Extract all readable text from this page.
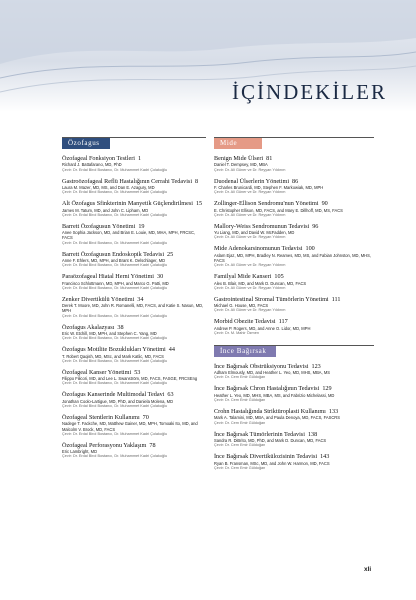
İÇİNDEKİLER
Özofagus
Özofageal Fonksiyon Testleri 1
Richard J. Battafarano, MD, PhD
Çevir: Dr. Erdal Birol Bostancı, Dr. Muhammet Kadri Çolakoğlu
Gastroözofageal Reflü Hastalığının Cerrahi Tedavisi 8
Laura M. Mazer, MD, MS, and Dan E. Azagury, MD
Çevir: Dr. Erdal Birol Bostancı, Dr. Muhammet Kadri Çolakoğlu
Alt Özofagus Sfinkterinin Manyetik Güçlendirilmesi 15
James M. Tatum, MD, and John C. Lipham, MD
Çevir: Dr. Erdal Birol Bostancı, Dr. Muhammet Kadri Çolakoğlu
Barrett Özofagusun Yönetimi 19
Anee Sophia Jackson, MD, and Brian E. Louie, MD, MHA, MPH, FRCSC, FACS
Çevir: Dr. Erdal Birol Bostancı, Dr. Muhammet Kadri Çolakoğlu
Barrett Özofagusun Endoskopik Tedavisi 25
Anne F. Ehlers, MD, MPH, and Brant K. Oelschlager, MD
Çevir: Dr. Erdal Birol Bostancı, Dr. Muhammet Kadri Çolakoğlu
Paraözofageal Hiatal Herni Yönetimi 30
Francisco Schlottmann, MD, MPH, and Marco G. Patti, MD
Çevir: Dr. Erdal Birol Bostancı, Dr. Muhammet Kadri Çolakoğlu
Zenker Divertikülü Yönetimi 34
Derek T. Moore, MD, John R. Romanelli, MD, FACS, and Katie S. Nasun, MD, MPH
Çevir: Dr. Erdal Birol Bostancı, Dr. Muhammet Kadri Çolakoğlu
Özofagus Akalazyası 38
Eric W. Etchill, MD, MPH, and Stephen C. Yang, MD
Çevir: Dr. Erdal Birol Bostancı, Dr. Muhammet Kadri Çolakoğlu
Özofagus Motilite Bozuklukları Yönetimi 44
T. Robert Qaqish, MD, MSc, and Mark Katlic, MD, FACS
Çevir: Dr. Erdal Birol Bostancı, Dr. Muhammet Kadri Çolakoğlu
Özofageal Kanser Yönetimi 53
Filippo Filicori, MD, and Lee L. Swanström, MD, FACS, FASGE, FRCSEng
Çevir: Dr. Erdal Birol Bostancı, Dr. Muhammet Kadri Çolakoğlu
Özofagus Kanserinde Multimodal Tedavi 63
Jonathan Coolo-Lartigue, MD, PhD, and Daniela Molena, MD
Çevir: Dr. Erdal Birol Bostancı, Dr. Muhammet Kadri Çolakoğlu
Özofageal Stentlerin Kullanımı 70
Nadege T. Fackche, MD, Matthew Gainer, MD, MPH, Tomoaki Ito, MD, and Malcolm V. Brock, MD, FACS
Çevir: Dr. Erdal Birol Bostancı, Dr. Muhammet Kadri Çolakoğlu
Özofageal Perforasyonu Yaklaşım 78
Eric Lambright, MD
Çevir: Dr. Erdal Birol Bostancı, Dr. Muhammet Kadri Çolakoğlu
Mide
Benign Mide Ülseri 81
Daniel T. Dempsey, MD, MBA
Çevir: Dr. Ali Güner ve Dr. Reyyan Yıldırım
Duodenal Ülserlerin Yönetimi 86
F. Charles Brunicardi, MD, Stephen F. Markowiak, MD, MPH
Çevir: Dr. Ali Güner ve Dr. Reyyan Yıldırım
Zollinger-Ellison Sendromu'nun Yönetimi 90
E. Christopher Ellison, MD, FACS, and Mary E. Dillhoff, MD, MS, FACS
Çevir: Dr. Ali Güner ve Dr. Reyyan Yıldırım
Mallory-Weiss Sendromunun Tedavisi 96
Yu Liang, MD, and David W. McFadden, MD
Çevir: Dr. Ali Güner ve Dr. Reyyan Yıldırım
Mide Adenokarsinomunun Tedavisi 100
Aslam Ejaz, MD, MPH, Bradley N. Reames, MD, MS, and Fabian Johnston, MD, MHS, FACS
Çevir: Dr. Ali Güner ve Dr. Reyyan Yıldırım
Familyal Mide Kanseri 105
Alex B. Blair, MD, and Mark D. Duncan, MD, FACS
Çevir: Dr. Ali Güner ve Dr. Reyyan Yıldırım
Gastrointestinal Stromal Tümörlerin Yönetimi 111
Michael G. House, MD, FACS
Çevir: Dr. Ali Güner ve Dr. Reyyan Yıldırım
Morbid Obezite Tedavisi 117
Andrew P. Rogers, MD, and Anne O. Lidor, MD, MPH
Çevir: Dr. M. Mahir Özmen
İnce Bağırsak
İnce Bağırsak Obstrüksiyonu Tedavisi 123
Adham Elmously, MD, and Heather L. Yeo, MD, MHS, MBA, MS
Çevir: Dr. Cem Emir Güldoğan
İnce Bağırsak Chron Hastalığının Tedavisi 129
Heather L. Yeo, MD, MHS, MBA, MS, and Fabrizio Michelassi, MD
Çevir: Dr. Cem Emir Güldoğan
Crohn Hastalığında Striktüroplasti Kullanımı 133
Mark A. Talamini, MD, MBA, and Paula Denoya, MD, FACS, FASCRS
Çevir: Dr. Cem Emir Güldoğan
İnce Bağırsak Tümörlerinin Tedavisi 138
Sandra R. DiBrito, MD, PhD, and Mark D. Duncan, MD, FACS
Çevir: Dr. Cem Emir Güldoğan
İnce Bağırsak Divertikülozisinin Tedavisi 143
Ryan B. Fransman, MSc, MD, and John W. Harmon, MD, FACS
Çevir: Dr. Cem Emir Güldoğan
xli
